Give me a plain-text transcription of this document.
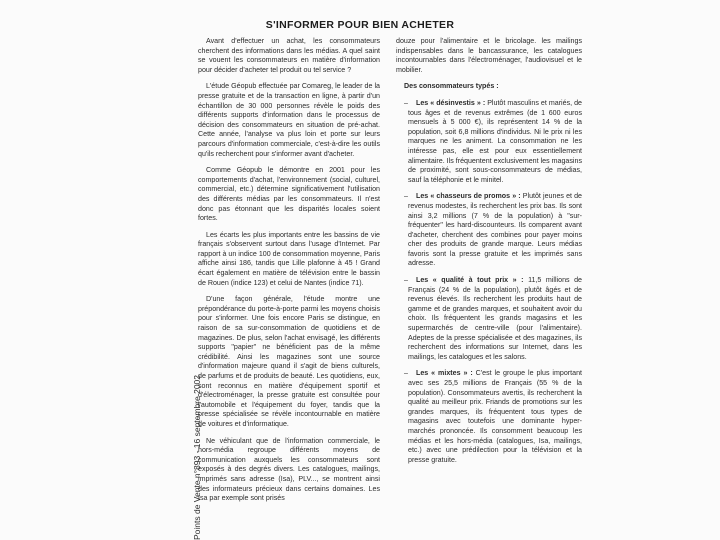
S'INFORMER POUR BIEN ACHETER
Points de Vente n°893 - 16 septembre 2002

Avant d'effectuer un achat, les consommateurs cherchent des informations dans les médias. A quel saint se vouent les consommateurs en matière d'information pour décider d'acheter tel produit ou tel service ?

L'étude Géopub effectuée par Comareg, le leader de la presse gratuite et de la transaction en ligne, à partir d'un échantillon de 30 000 personnes révèle le poids des différents supports d'information dans le processus de décision des consommateurs en situation de pré-achat. Cette année, l'analyse va plus loin et porte sur leurs parcours d'information commerciale, c'est-à-dire les outils qu'ils recherchent pour s'informer avant d'acheter.

Comme Géopub le démontre en 2001 pour les comportements d'achat, l'environnement (social, culturel, commercial, etc.) détermine significativement l'utilisation des différents médias par les consommateurs. Il n'est donc pas étonnant que les disparités locales soient fortes.

Les écarts les plus importants entre les bassins de vie français s'observent surtout dans l'usage d'Internet. Par rapport à un indice 100 de consommation moyenne, Paris affiche ainsi 186, tandis que Lille plafonne à 45 ! Grand écart également en matière de télévision entre le bassin de Rouen (indice 123) et celui de Nantes (indice 71).

D'une façon générale, l'étude montre une prépondérance du porte-à-porte parmi les moyens choisis pour s'informer. Une fois encore Paris se distingue, en raison de sa sur-consommation de quotidiens et de magazines. De plus, selon l'achat envisagé, les différents supports "papier" ne bénéficient pas de la même crédibilité. Ainsi les magazines sont une source d'information majeure quand il s'agit de biens culturels, de parfums et de produits de beauté. Les quotidiens, eux, sont reconnus en matière d'équipement sportif et d'électroménager, la presse gratuite est consultée pour l'automobile et l'équipement du foyer, tandis que la presse spécialisée se révèle incontournable en matière de voitures et d'informatique.

Ne véhiculant que de l'information commerciale, le hors-média regroupe différents moyens de communication auxquels les consommateurs sont exposés à des degrés divers. Les catalogues, mailings, imprimés sans adresse (Isa), PLV..., se montrent ainsi des informateurs précieux dans certains domaines. Les Isa par exemple sont prisés

douze pour l'alimentaire et le bricolage. les mailings indispensables dans le bancassurance, les catalogues incontournables dans l'électroménager, l'audiovisuel et le mobilier.

Des consommateurs typés :

– Les « désinvestis » : Plutôt masculins et mariés, de tous âges et de revenus extrêmes (de 1 600 euros mensuels à 5 000 €), ils représentent 14 % de la population, soit 6,8 millions d'individus. Ni le prix ni les marques ne les animent. La consommation ne les intéresse pas, elle est pour eux essentiellement alimentaire. Ils fréquentent exclusivement les magasins de proximité, sont sous-consommateurs de médias, sauf la téléphonie et le minitel.

– Les « chasseurs de promos » : Plutôt jeunes et de revenus modestes, ils recherchent les prix bas. Ils sont ainsi 3,2 millions (7 % de la population) à "sur-fréquenter" les hard-discounteurs. Ils comparent avant d'acheter, cherchent des combines pour payer moins cher des produits de grande marque. Leurs médias favoris sont la presse gratuite et les imprimés sans adresse.

– Les « qualité à tout prix » : 11,5 millions de Français (24 % de la population), plutôt âgés et de revenus élevés. Ils recherchent les produits haut de gamme et de grandes marques, et souhaitent avoir du choix. Ils fréquentent les grands magasins et les supermarchés de centre-ville (pour l'alimentaire). Adeptes de la presse spécialisée et des magazines, ils recherchent des informations sur Internet, dans les mailings, les catalogues et les salons.

– Les « mixtes » : C'est le groupe le plus important avec ses 25,5 millions de Français (55 % de la population). Consommateurs avertis, ils recherchent la qualité au meilleur prix. Friands de promotions sur les grandes marques, ils fréquentent tous types de magasins avec toutefois une dominante hyper-marchés prononcée. Ils consomment beaucoup les médias et les hors-média (catalogues, Isa, mailings, etc.) avec une prédilection pour la télévision et la presse gratuite.
